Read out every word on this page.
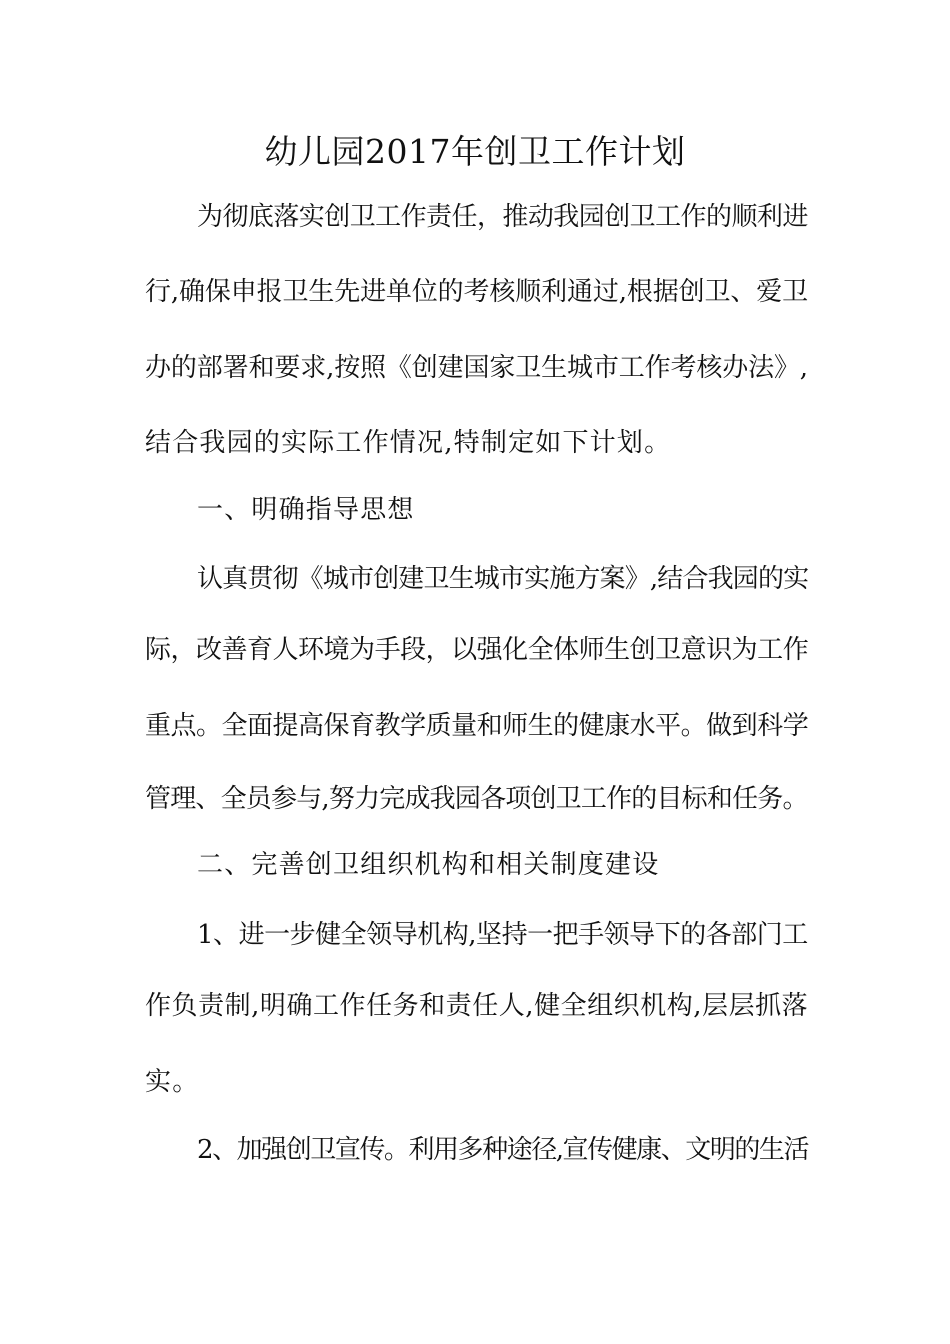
幼儿园2017年创卫工作计划
为彻底落实创卫工作责任，推动我园创卫工作的顺利进
行,确保申报卫生先进单位的考核顺利通过,根据创卫、爱卫
办的部署和要求,按照《创建国家卫生城市工作考核办法》,
结合我园的实际工作情况,特制定如下计划。
一、明确指导思想
认真贯彻《城市创建卫生城市实施方案》,结合我园的实
际，改善育人环境为手段，以强化全体师生创卫意识为工作
重点。全面提高保育教学质量和师生的健康水平。做到科学
管理、全员参与,努力完成我园各项创卫工作的目标和任务。
二、完善创卫组织机构和相关制度建设
1、进一步健全领导机构,坚持一把手领导下的各部门工
作负责制,明确工作任务和责任人,健全组织机构,层层抓落
实。
2、加强创卫宣传。利用多种途径,宣传健康、文明的生活
